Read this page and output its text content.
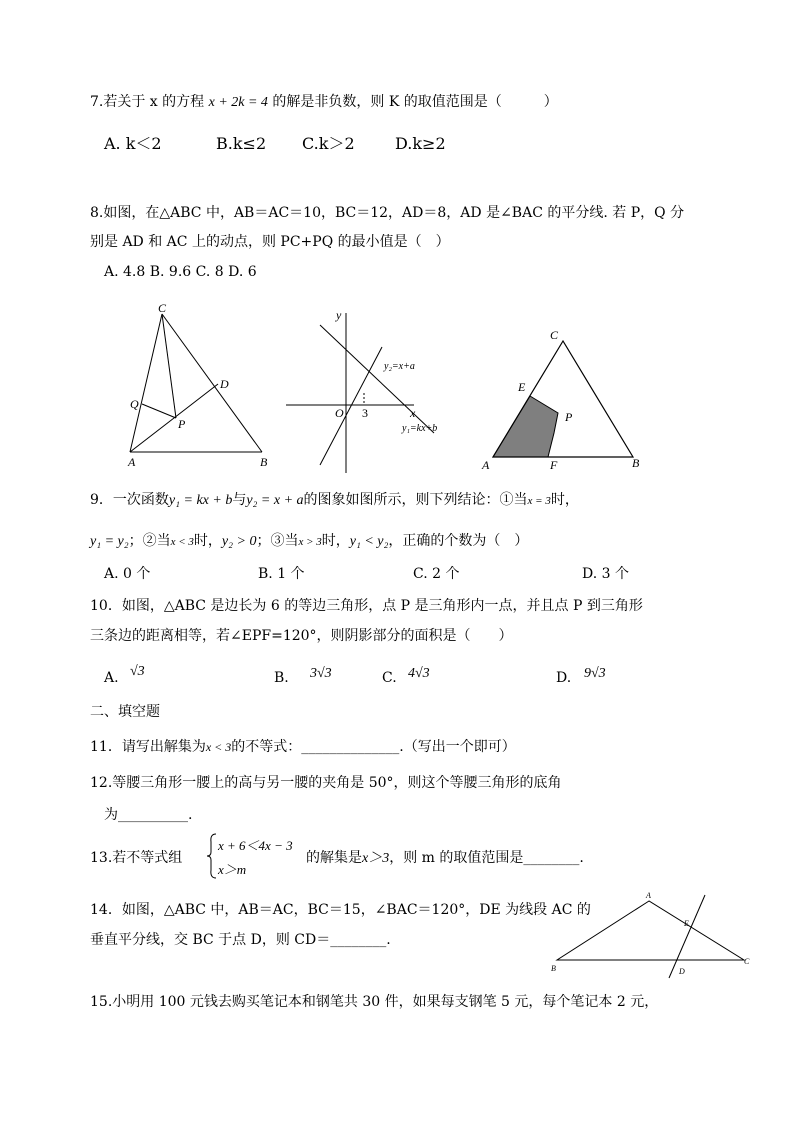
7.若关于 x 的方程 x + 2k = 4 的解是非负数，则 K 的取值范围是（　　　）
A. k＜2	B.k≤2 C.k＞2	D.k≥2
8.如图，在△ABC 中，AB＝AC＝10，BC＝12，AD＝8，AD 是∠BAC 的平分线. 若 P，Q 分
别是 AD 和 AC 上的动点，则 PC+PQ 的最小值是（　）
A. 4.8 B. 9.6 C. 8 D. 6
C
D
Q
P
A	B
y
x
O 3
y₂=x+a
y₁=kx+b
C
E
P
A	F	B
9．一次函数y₁ = kx + b与y₂ = x + a的图象如图所示，则下列结论：①当x = 3时，
y₁ = y₂；②当x < 3时，y₂ > 0；③当x > 3时，y₁ < y₂，正确的个数为（　）
A. 0 个	B. 1 个	C. 2 个	D. 3 个
10．如图，△ABC 是边长为 6 的等边三角形，点 P 是三角形内一点，并且点 P 到三角形
三条边的距离相等，若∠EPF=120°，则阴影部分的面积是（　　）
A. √3	B. 3√3	C. 4√3	D. 9√3
二、填空题
11．请写出解集为x < 3的不等式：______________.（写出一个即可）
12.等腰三角形一腰上的高与另一腰的夹角是 50°，则这个等腰三角形的底角
为__________.
13.若不等式组
x + 6＜4x − 3
x＞m
的解集是x＞3，则 m 的取值范围是________.
14．如图，△ABC 中，AB＝AC，BC＝15，∠BAC＝120°，DE 为线段 AC 的
垂直平分线，交 BC 于点 D，则 CD＝________.
A
E
B	D
C
15.小明用 100 元钱去购买笔记本和钢笔共 30 件，如果每支钢笔 5 元，每个笔记本 2 元，
